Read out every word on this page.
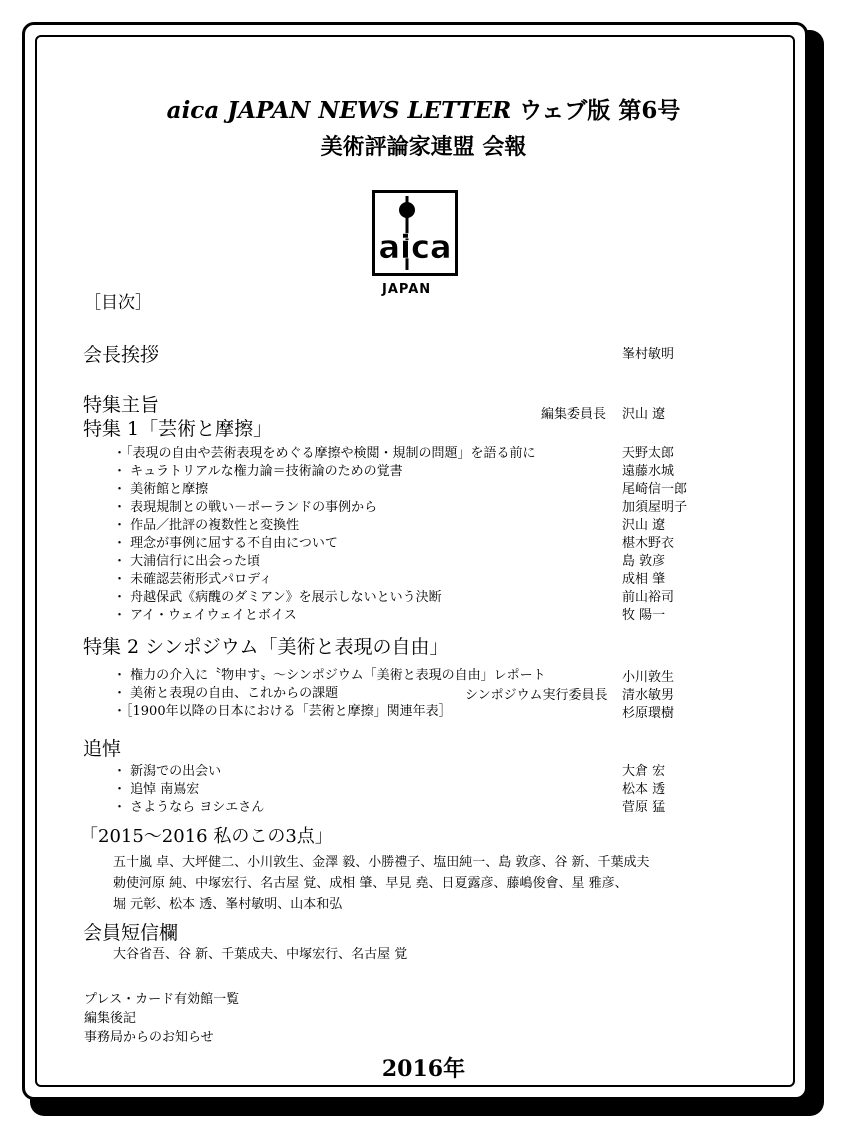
aica JAPAN NEWS LETTER ウェブ版 第6号
美術評論家連盟 会報
aica
JAPAN
［目次］
会長挨拶	峯村敏明
特集主旨	編集委員長 沢山 遼
特集 1「芸術と摩擦」
・「表現の自由や芸術表現をめぐる摩擦や検閲・規制の問題」を語る前に	天野太郎
・ キュラトリアルな権力論＝技術論のための覚書	遠藤水城
・ 美術館と摩擦	尾崎信一郎
・ 表現規制との戦い－ポーランドの事例から	加須屋明子
・ 作品／批評の複数性と変換性	沢山 遼
・ 理念が事例に屈する不自由について	椹木野衣
・ 大浦信行に出会った頃	島 敦彦
・ 未確認芸術形式パロディ	成相 肇
・ 舟越保武《病醜のダミアン》を展示しないという決断	前山裕司
・ アイ・ウェイウェイとボイス	牧 陽一
特集 2 シンポジウム「美術と表現の自由」
・ 権力の介入に〝物申す〟～シンポジウム「美術と表現の自由」レポート	小川敦生
・ 美術と表現の自由、これからの課題	シンポジウム実行委員長 清水敏男
・［1900年以降の日本における「芸術と摩擦」関連年表］	杉原環樹
追悼
・ 新潟での出会い	大倉 宏
・ 追悼 南嶌宏	松本 透
・ さようなら ヨシエさん	菅原 猛
「2015～2016 私のこの3点」
五十嵐 卓、大坪健二、小川敦生、金澤 毅、小勝禮子、塩田純一、島 敦彦、谷 新、千葉成夫
勅使河原 純、中塚宏行、名古屋 覚、成相 肇、早見 堯、日夏露彦、藤嶋俊會、星 雅彦、
堀 元彰、松本 透、峯村敏明、山本和弘
会員短信欄
大谷省吾、谷 新、千葉成夫、中塚宏行、名古屋 覚
プレス・カード有効館一覧
編集後記
事務局からのお知らせ
2016年
